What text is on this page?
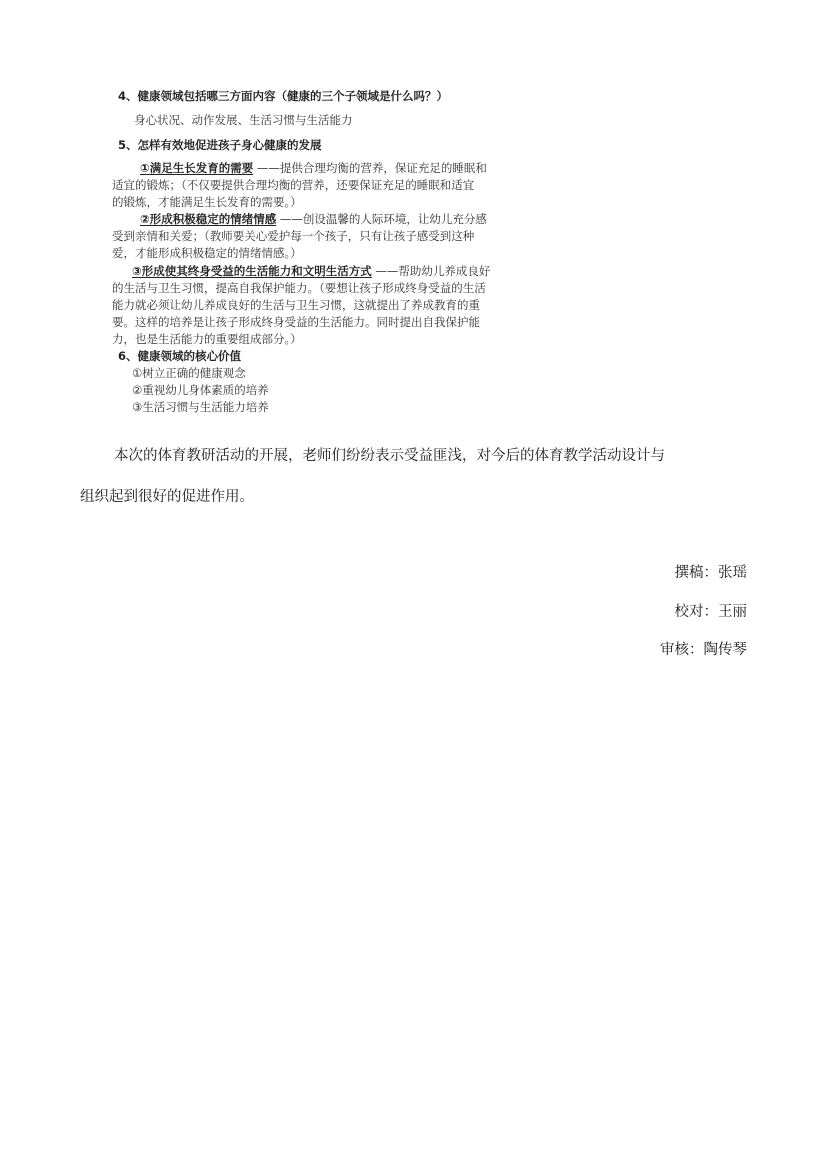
4、健康领域包括哪三方面内容（健康的三个子领域是什么吗？）
身心状况、动作发展、生活习惯与生活能力
5、怎样有效地促进孩子身心健康的发展
①满足生长发育的需要 ——提供合理均衡的营养，保证充足的睡眠和
适宜的锻炼；（不仅要提供合理均衡的营养，还要保证充足的睡眠和适宜
的锻炼，才能满足生长发育的需要。）
②形成积极稳定的情绪情感 ——创设温馨的人际环境，让幼儿充分感
受到亲情和关爱；（教师要关心爱护每一个孩子，只有让孩子感受到这种
爱，才能形成积极稳定的情绪情感。）
③形成使其终身受益的生活能力和文明生活方式 ——帮助幼儿养成良好
的生活与卫生习惯，提高自我保护能力。（要想让孩子形成终身受益的生活
能力就必须让幼儿养成良好的生活与卫生习惯，这就提出了养成教育的重
要。这样的培养是让孩子形成终身受益的生活能力。同时提出自我保护能
力，也是生活能力的重要组成部分。）
6、健康领域的核心价值
①树立正确的健康观念
②重视幼儿身体素质的培养
③生活习惯与生活能力培养
本次的体育教研活动的开展，老师们纷纷表示受益匪浅，对今后的体育教学活动设计与
组织起到很好的促进作用。
撰稿：张瑶
校对：王丽
审核：陶传琴
